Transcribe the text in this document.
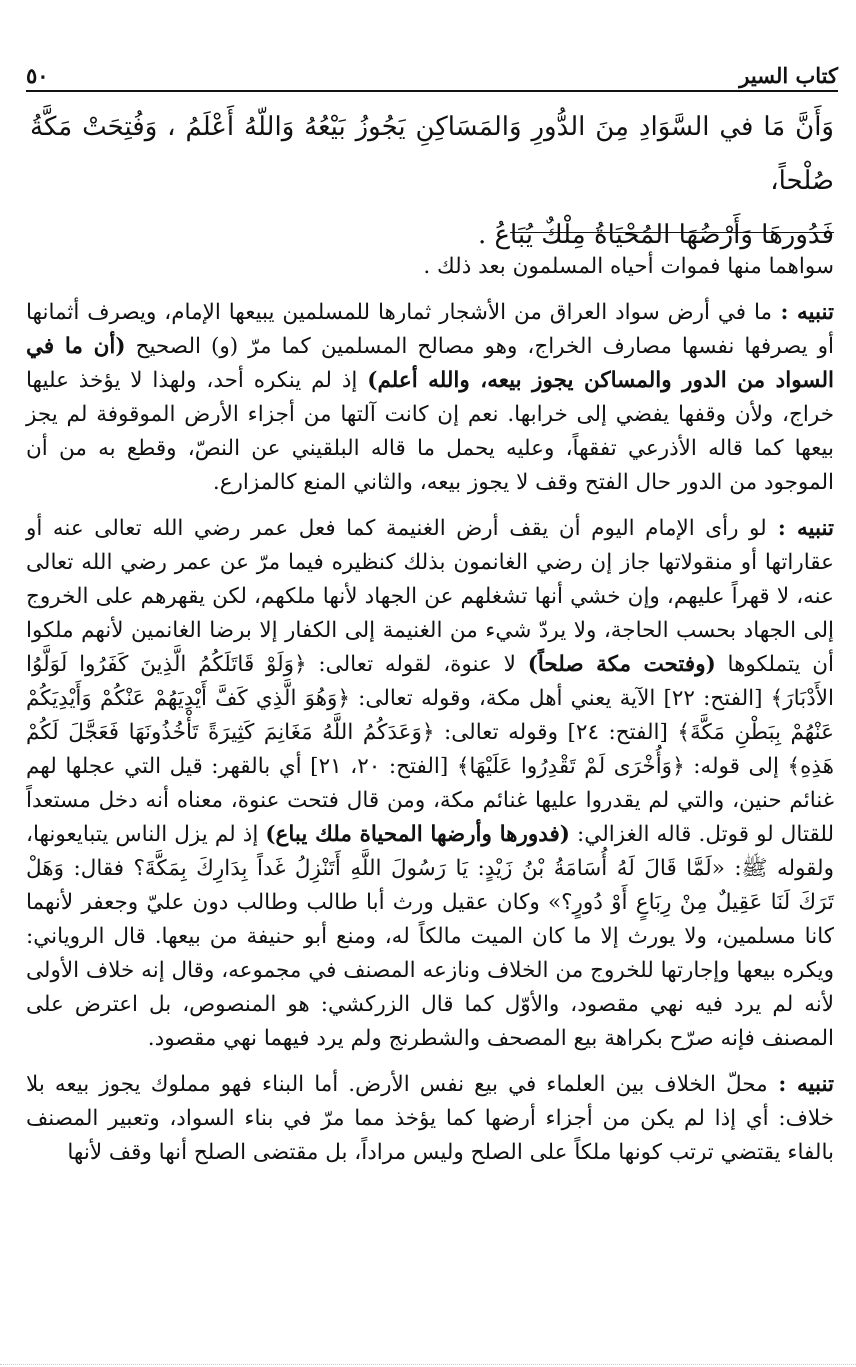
٥٠	كتاب السير

وَأَنَّ مَا في السَّوَادِ مِنَ الدُّورِ وَالمَسَاكِنِ يَجُوزُ بَيْعُهُ وَاللّهُ أَعْلَمُ ، وَفُتِحَتْ مَكَّةُ صُلْحاً،

فَدُورهَا وَأَرْضُهَا المُحْيَاةُ مِلْكٌ يُبَاعُ .

سواهما منها فموات أحياه المسلمون بعد ذلك .

تنبيه : ما في أرض سواد العراق من الأشجار ثمارها للمسلمين يبيعها الإمام، ويصرف أثمانها أو يصرفها نفسها مصارف الخراج، وهو مصالح المسلمين كما مرّ (و) الصحيح (أن ما في السواد من الدور والمساكن يجوز بيعه، والله أعلم) إذ لم ينكره أحد، ولهذا لا يؤخذ عليها خراج، ولأن وقفها يفضي إلى خرابها. نعم إن كانت آلتها من أجزاء الأرض الموقوفة لم يجز بيعها كما قاله الأذرعي تفقهاً، وعليه يحمل ما قاله البلقيني عن النصّ، وقطع به من أن الموجود من الدور حال الفتح وقف لا يجوز بيعه، والثاني المنع كالمزارع.

تنبيه : لو رأى الإمام اليوم أن يقف أرض الغنيمة كما فعل عمر رضي الله تعالى عنه أو عقاراتها أو منقولاتها جاز إن رضي الغانمون بذلك كنظيره فيما مرّ عن عمر رضي الله تعالى عنه، لا قهراً عليهم، وإن خشي أنها تشغلهم عن الجهاد لأنها ملكهم، لكن يقهرهم على الخروج إلى الجهاد بحسب الحاجة، ولا يردّ شيء من الغنيمة إلى الكفار إلا برضا الغانمين لأنهم ملكوا أن يتملكوها (وفتحت مكة صلحاً) لا عنوة، لقوله تعالى: ﴿وَلَوْ قَاتَلَكُمُ الَّذِينَ كَفَرُوا لَوَلَّوُا الأَدْبَارَ﴾ [الفتح: ٢٢] الآية يعني أهل مكة، وقوله تعالى: ﴿وَهُوَ الَّذِي كَفَّ أَيْدِيَهُمْ عَنْكُمْ وَأَيْدِيَكُمْ عَنْهُمْ بِبَطْنِ مَكَّةَ﴾ [الفتح: ٢٤] وقوله تعالى: ﴿وَعَدَكُمُ اللَّهُ مَغَانِمَ كَثِيرَةً تَأْخُذُونَهَا فَعَجَّلَ لَكُمْ هَذِهِ﴾ إلى قوله: ﴿وَأُخْرَى لَمْ تَقْدِرُوا عَلَيْهَا﴾ [الفتح: ٢٠، ٢١] أي بالقهر: قيل التي عجلها لهم غنائم حنين، والتي لم يقدروا عليها غنائم مكة، ومن قال فتحت عنوة، معناه أنه دخل مستعداً للقتال لو قوتل. قاله الغزالي: (فدورها وأرضها المحياة ملك يباع) إذ لم يزل الناس يتبايعونها، ولقوله ﷺ: «لَمَّا قَالَ لَهُ أُسَامَةُ بْنُ زَيْدٍ: يَا رَسُولَ اللَّهِ أَتَنْزِلُ غَداً بِدَارِكَ بِمَكَّةَ؟ فقال: وَهَلْ تَرَكَ لَنَا عَقِيلٌ مِنْ رِبَاعٍ أَوْ دُورٍ؟» وكان عقيل ورث أبا طالب وطالب دون عليّ وجعفر لأنهما كانا مسلمين، ولا يورث إلا ما كان الميت مالكاً له، ومنع أبو حنيفة من بيعها. قال الروياني: ويكره بيعها وإجارتها للخروج من الخلاف ونازعه المصنف في مجموعه، وقال إنه خلاف الأولى لأنه لم يرد فيه نهي مقصود، والأوّل كما قال الزركشي: هو المنصوص، بل اعترض على المصنف فإنه صرّح بكراهة بيع المصحف والشطرنج ولم يرد فيهما نهي مقصود.

تنبيه : محلّ الخلاف بين العلماء في بيع نفس الأرض. أما البناء فهو مملوك يجوز بيعه بلا خلاف: أي إذا لم يكن من أجزاء أرضها كما يؤخذ مما مرّ في بناء السواد، وتعبير المصنف بالفاء يقتضي ترتب كونها ملكاً على الصلح وليس مراداً، بل مقتضى الصلح أنها وقف لأنها
